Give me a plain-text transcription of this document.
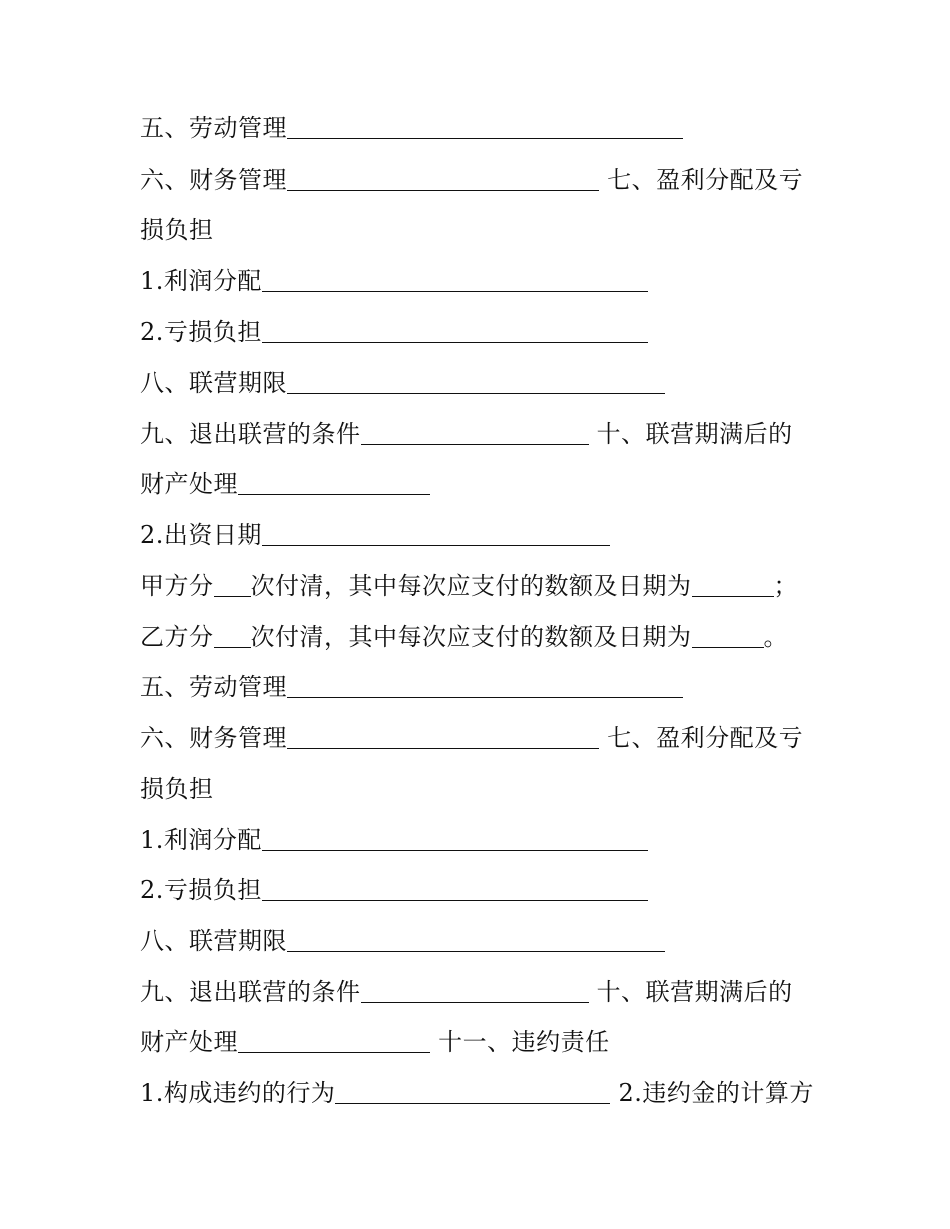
五、劳动管理
六、财务管理	七、盈利分配及亏
损负担
1.利润分配
2.亏损负担
八、联营期限
九、退出联营的条件	十、联营期满后的
财产处理
2.出资日期
甲方分 次付清，其中每次应支付的数额及日期为	；
乙方分 次付清，其中每次应支付的数额及日期为	。
五、劳动管理
六、财务管理	七、盈利分配及亏
损负担
1.利润分配
2.亏损负担
八、联营期限
九、退出联营的条件	十、联营期满后的
财产处理	十一、违约责任
1.构成违约的行为	2.违约金的计算方
